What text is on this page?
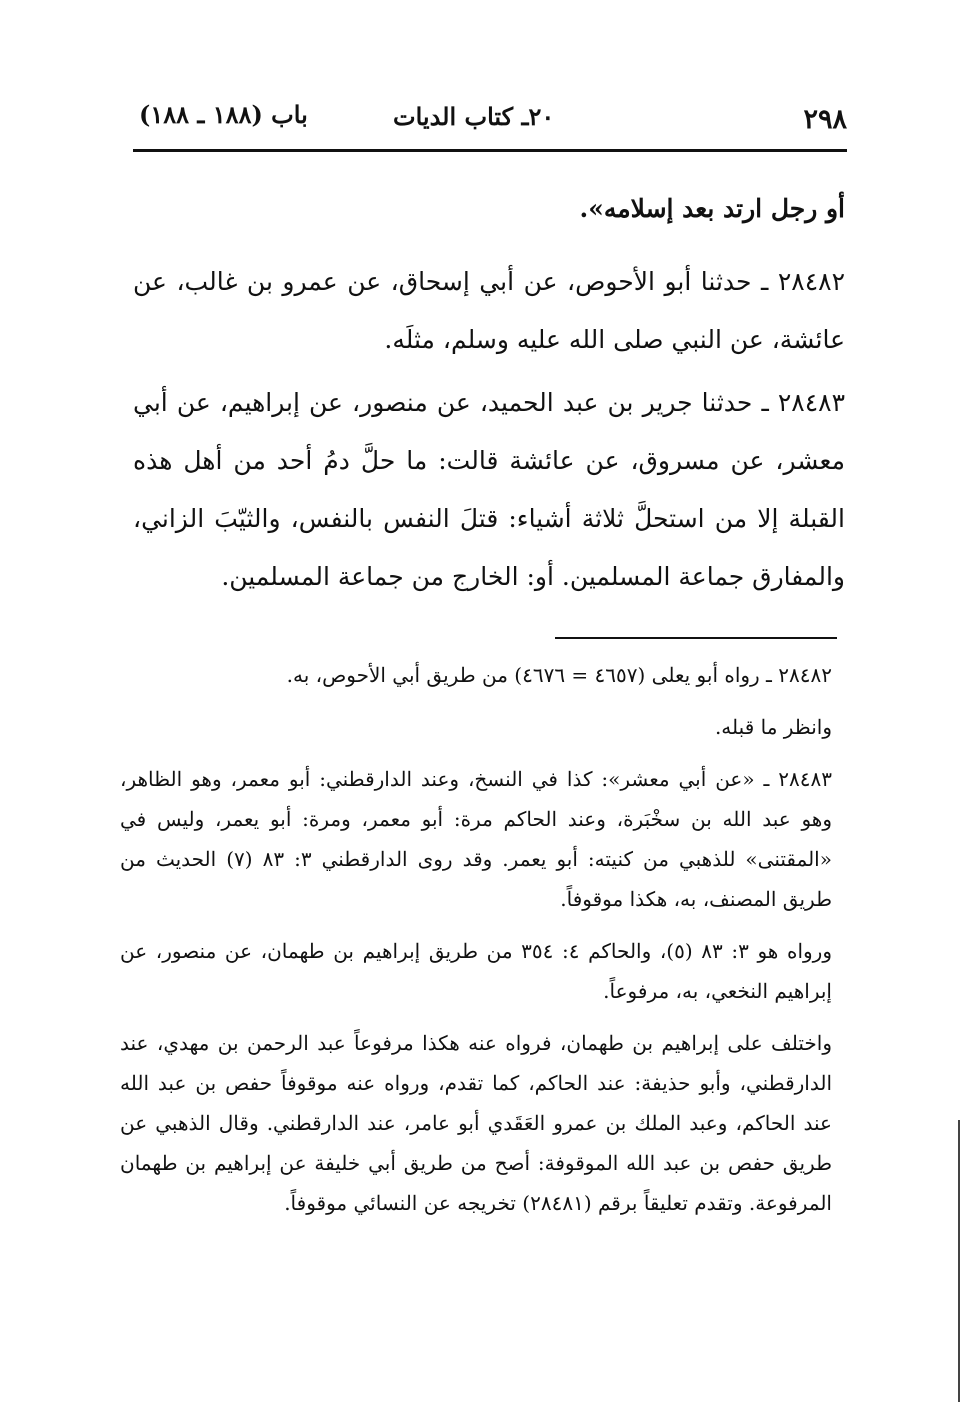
٢٩٨
٢٠ـ كتاب الديات
باب (١٨٨ ـ ١٨٨)

أو رجل ارتد بعد إسلامه».

٢٨٤٨٢ ـ حدثنا أبو الأحوص، عن أبي إسحاق، عن عمرو بن غالب، عن عائشة، عن النبي صلى الله عليه وسلم، مثلَه.

٢٨٤٨٣ ـ حدثنا جرير بن عبد الحميد، عن منصور، عن إبراهيم، عن أبي معشر، عن مسروق، عن عائشة قالت: ما حلَّ دمُ أحد من أهل هذه القبلة إلا من استحلَّ ثلاثة أشياء: قتلَ النفس بالنفس، والثيّبَ الزاني، والمفارق جماعة المسلمين. أو: الخارج من جماعة المسلمين.

٢٨٤٨٢ ـ رواه أبو يعلى (٤٦٥٧ = ٤٦٧٦) من طريق أبي الأحوص، به.

وانظر ما قبله.

٢٨٤٨٣ ـ «عن أبي معشر»: كذا في النسخ، وعند الدارقطني: أبو معمر، وهو الظاهر، وهو عبد الله بن سخْبَرة، وعند الحاكم مرة: أبو معمر، ومرة: أبو يعمر، وليس في «المقتنى» للذهبي من كنيته: أبو يعمر. وقد روى الدارقطني ٣: ٨٣ (٧) الحديث من طريق المصنف، به، هكذا موقوفاً.

ورواه هو ٣: ٨٣ (٥)، والحاكم ٤: ٣٥٤ من طريق إبراهيم بن طهمان، عن منصور، عن إبراهيم النخعي، به، مرفوعاً.

واختلف على إبراهيم بن طهمان، فرواه عنه هكذا مرفوعاً عبد الرحمن بن مهدي، عند الدارقطني، وأبو حذيفة: عند الحاكم، كما تقدم، ورواه عنه موقوفاً حفص بن عبد الله عند الحاكم، وعبد الملك بن عمرو العَقَدي أبو عامر، عند الدارقطني. وقال الذهبي عن طريق حفص بن عبد الله الموقوفة: أصح من طريق أبي خليفة عن إبراهيم بن طهمان المرفوعة. وتقدم تعليقاً برقم (٢٨٤٨١) تخريجه عن النسائي موقوفاً.
